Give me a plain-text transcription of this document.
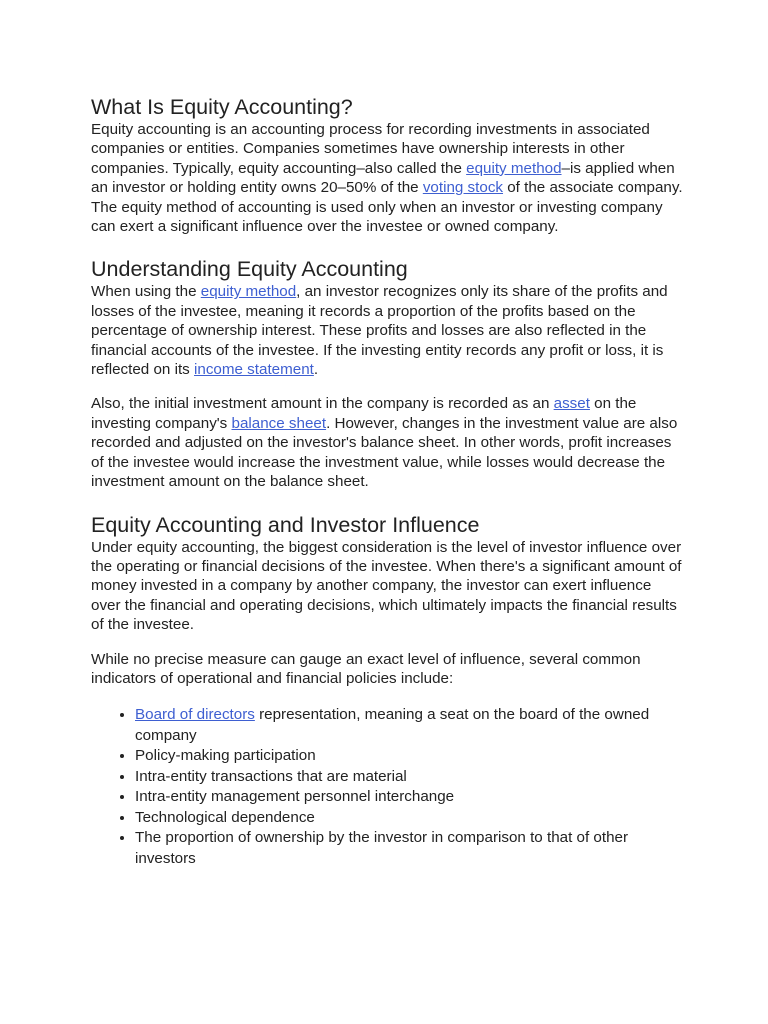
What Is Equity Accounting?

Equity accounting is an accounting process for recording investments in associated companies or entities. Companies sometimes have ownership interests in other companies. Typically, equity accounting–also called the equity method–is applied when an investor or holding entity owns 20–50% of the voting stock of the associate company. The equity method of accounting is used only when an investor or investing company can exert a significant influence over the investee or owned company.

Understanding Equity Accounting

When using the equity method, an investor recognizes only its share of the profits and losses of the investee, meaning it records a proportion of the profits based on the percentage of ownership interest. These profits and losses are also reflected in the financial accounts of the investee. If the investing entity records any profit or loss, it is reflected on its income statement.

Also, the initial investment amount in the company is recorded as an asset on the investing company's balance sheet. However, changes in the investment value are also recorded and adjusted on the investor's balance sheet. In other words, profit increases of the investee would increase the investment value, while losses would decrease the investment amount on the balance sheet.

Equity Accounting and Investor Influence

Under equity accounting, the biggest consideration is the level of investor influence over the operating or financial decisions of the investee. When there's a significant amount of money invested in a company by another company, the investor can exert influence over the financial and operating decisions, which ultimately impacts the financial results of the investee.

While no precise measure can gauge an exact level of influence, several common indicators of operational and financial policies include:

• Board of directors representation, meaning a seat on the board of the owned company
• Policy-making participation
• Intra-entity transactions that are material
• Intra-entity management personnel interchange
• Technological dependence
• The proportion of ownership by the investor in comparison to that of other investors
